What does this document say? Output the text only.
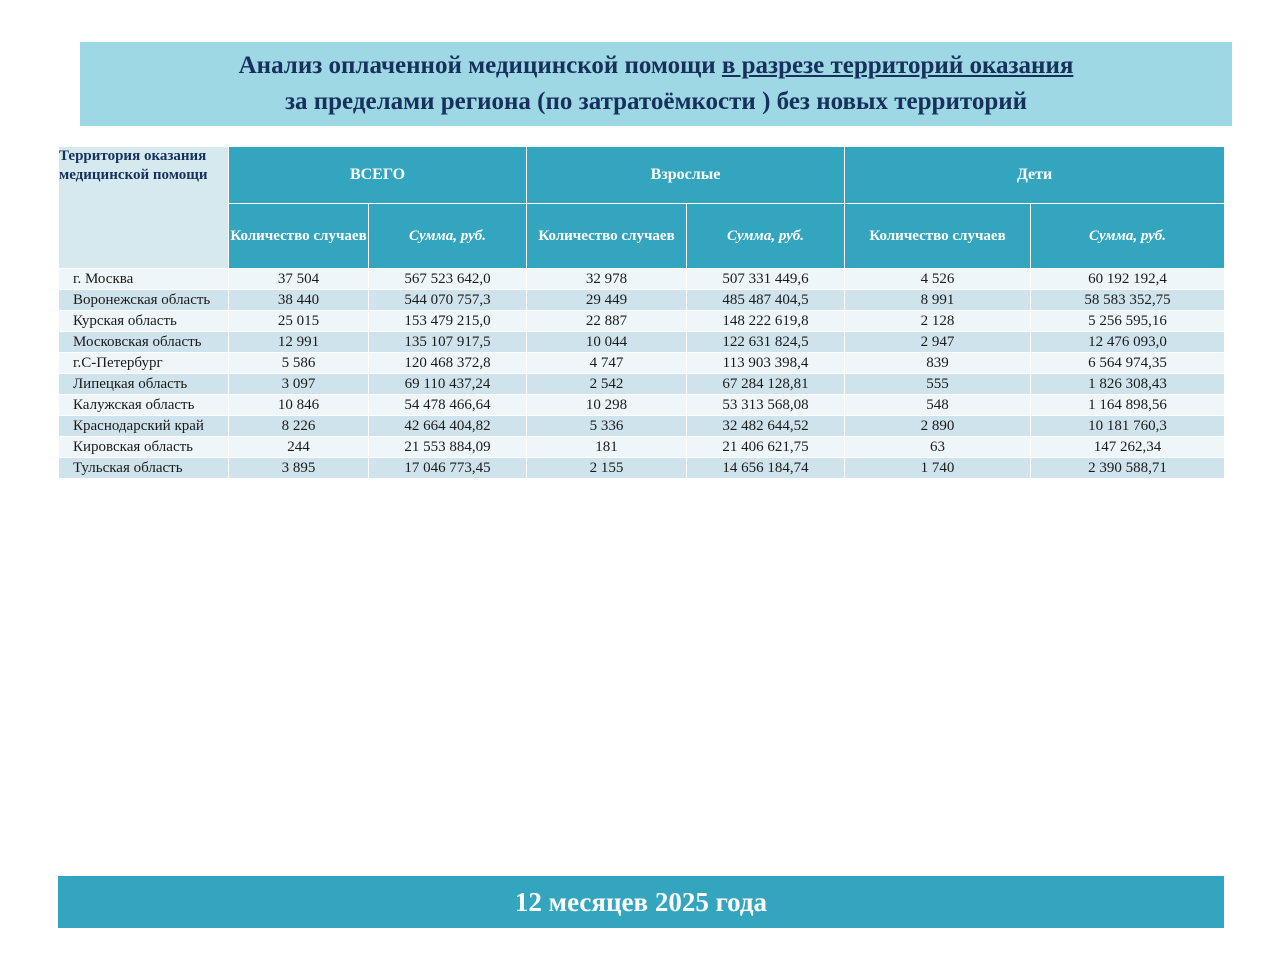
Анализ оплаченной медицинской помощи в разрезе территорий оказания
за пределами региона (по затратоёмкости ) без новых территорий
Территория оказания медицинской помощи	ВСЕГО		Взрослые		Дети	
	Количество случаев	Сумма, руб.	Количество случаев	Сумма, руб.	Количество случаев	Сумма, руб.
г. Москва	37 504	567 523 642,0	32 978	507 331 449,6	4 526	60 192 192,4
Воронежская область	38 440	544 070 757,3	29 449	485 487 404,5	8 991	58 583 352,75
Курская область	25 015	153 479 215,0	22 887	148 222 619,8	2 128	5 256 595,16
Московская область	12 991	135 107 917,5	10 044	122 631 824,5	2 947	12 476 093,0
г.С-Петербург	5 586	120 468 372,8	4 747	113 903 398,4	839	6 564 974,35
Липецкая область	3 097	69 110 437,24	2 542	67 284 128,81	555	1 826 308,43
Калужская область	10 846	54 478 466,64	10 298	53 313 568,08	548	1 164 898,56
Краснодарский край	8 226	42 664 404,82	5 336	32 482 644,52	2 890	10 181 760,3
Кировская область	244	21 553 884,09	181	21 406 621,75	63	147 262,34
Тульская область	3 895	17 046 773,45	2 155	14 656 184,74	1 740	2 390 588,71
12 месяцев 2025 года
